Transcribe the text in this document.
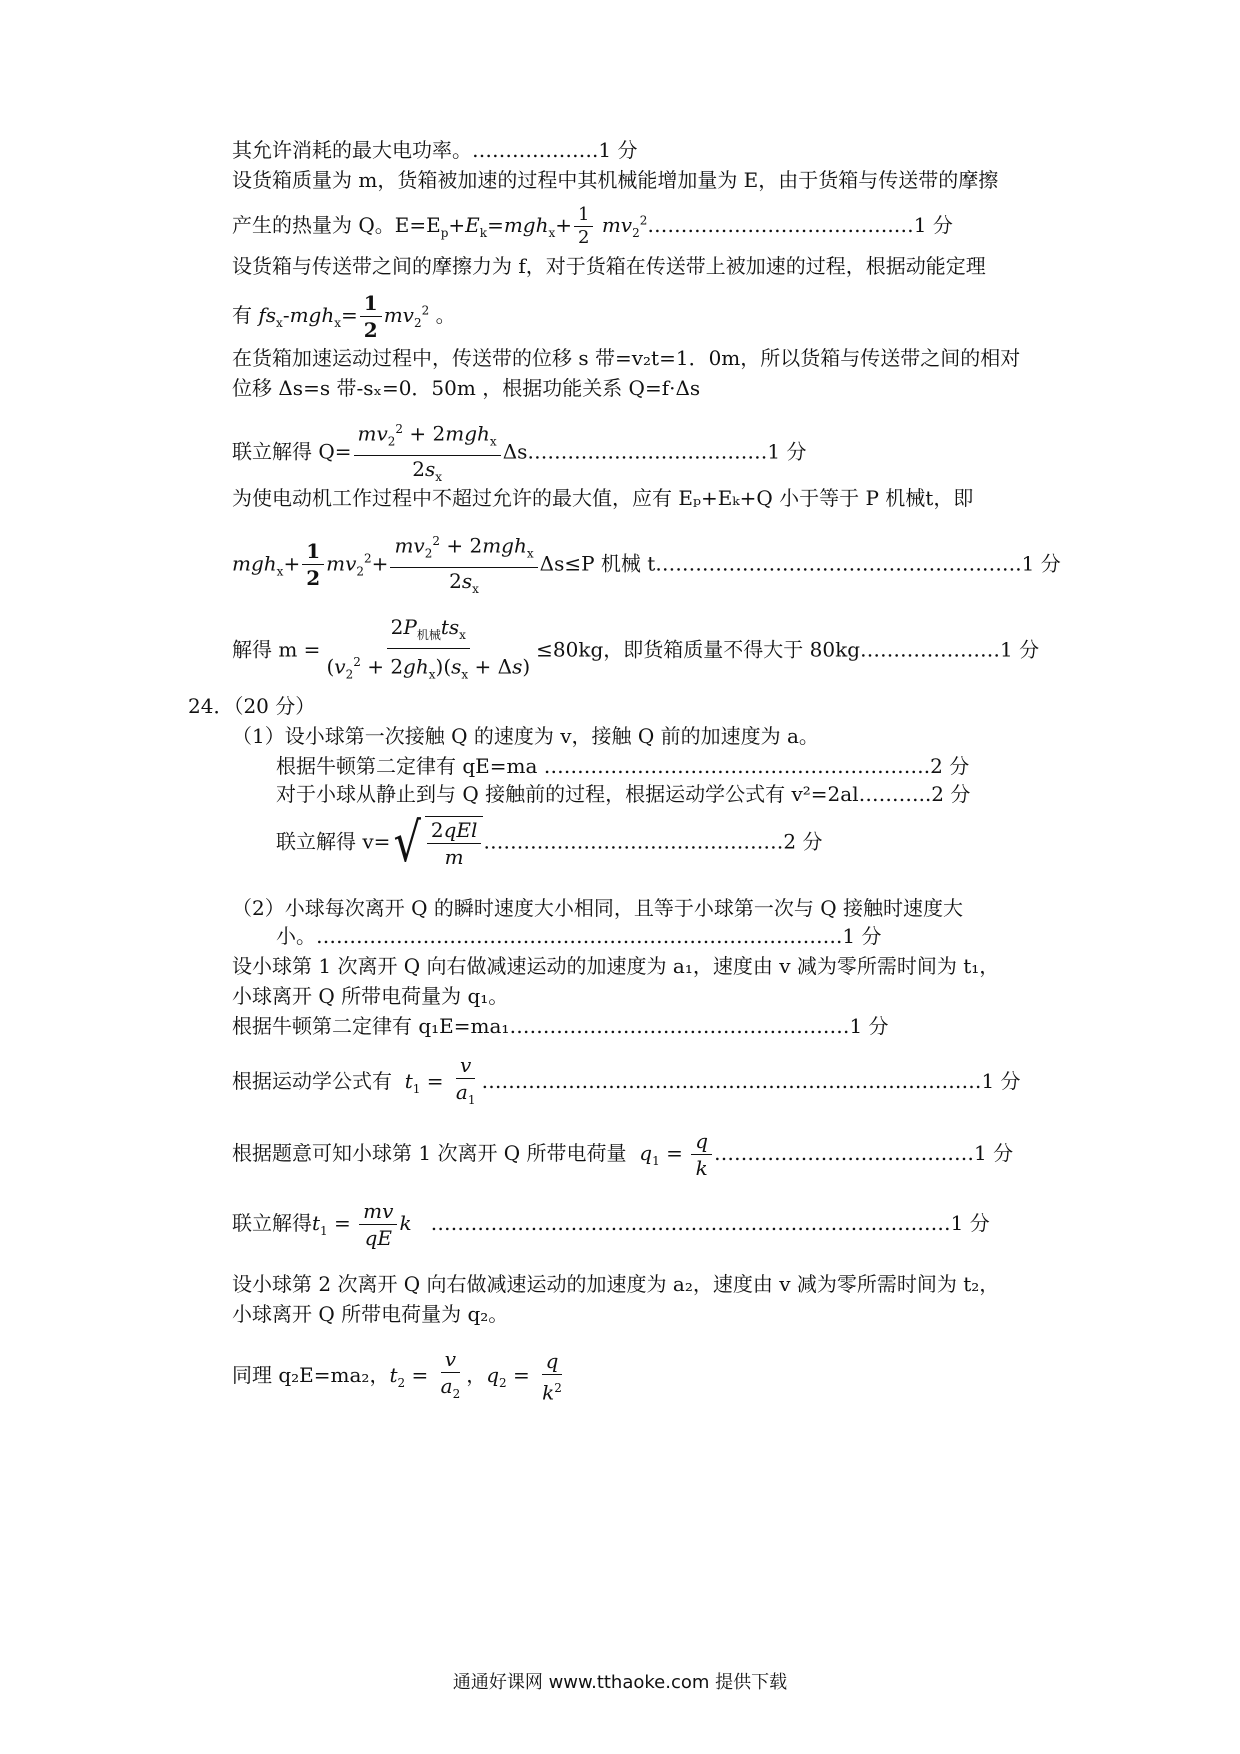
其允许消耗的最大电功率。……………….1 分
设货箱质量为 m，货箱被加速的过程中其机械能增加量为 E，由于货箱与传送带的摩擦
产生的热量为 Q。$E=E_p+E_k=mgh_x+ \frac{1}{2}$ $mv_2^2\dots\dots\dots\dots\dots\dots\dots\dots\dots\dots\dots\dots.\dots 1$ 分
设货箱与传送带之间的摩擦力为 f，对于货箱在传送带上被加速的过程，根据动能定理
有 $fs_x-mgh_x= \frac{1}{2} mv_2^2$ 。
在货箱加速运动过程中，传送带的位移 s 带=v₂t=1．0m，所以货箱与传送带之间的相对
位移 Δs=s 带-sₓ=0．50m ，根据功能关系 Q=f·Δs
联立解得 $Q= \frac{mv_2^2 + 2mgh_x}{2s_x}$ Δs………………………………1 分
为使电动机工作过程中不超过允许的最大值，应有 Eₚ+Eₖ+Q 小于等于 P 机械t，即
$mgh_x+ \frac{1}{2} mv_2^2+ \frac{mv_2^2 + 2mgh_x}{2s_x} \Delta s\le P$ 机械 t……………………………………………….1 分
解得 $m = \frac{2P_{机械}ts_x}{(v_2^2 + 2gh_x)(s_x + \Delta s)} \le 80kg$，即货箱质量不得大于 80kg…………………1 分
24．（20 分）
（1）设小球第一次接触 Q 的速度为 v，接触 Q 前的加速度为 a。
根据牛顿第二定律有 qE=ma ………………………………………………….2 分
对于小球从静止到与 Q 接触前的过程，根据运动学公式有 v²=2al………..2 分
联立解得 v= √ $\frac{\text{2qEl}}{m}$ ………………………………………2 分
（2）小球每次离开 Q 的瞬时速度大小相同，且等于小球第一次与 Q 接触时速度大
小。…………………………………………………………………….1 分
设小球第 1 次离开 Q 向右做减速运动的加速度为 a₁，速度由 v 减为零所需时间为 t₁，
小球离开 Q 所带电荷量为 q₁。
根据牛顿第二定律有 q₁E=ma₁……………………………………………1 分
根据运动学公式有 $t_1 = \frac{v}{a_1}$ …………………………………………………………………1 分
根据题意可知小球第 1 次离开 Q 所带电荷量 $q_1 = \frac{q}{k}$ …………………………………1 分
联立解得$t_1 = \frac{mv}{qE}$ k ……………………………………………………………………1 分
设小球第 2 次离开 Q 向右做减速运动的加速度为 a₂，速度由 v 减为零所需时间为 t₂，
小球离开 Q 所带电荷量为 q₂。
同理 q₂E=ma₂，$t_2 = \frac{v}{a_2}$ ，$q_2 = \frac{q}{k^2}$
通通好课网 www.tthaoke.com 提供下载
